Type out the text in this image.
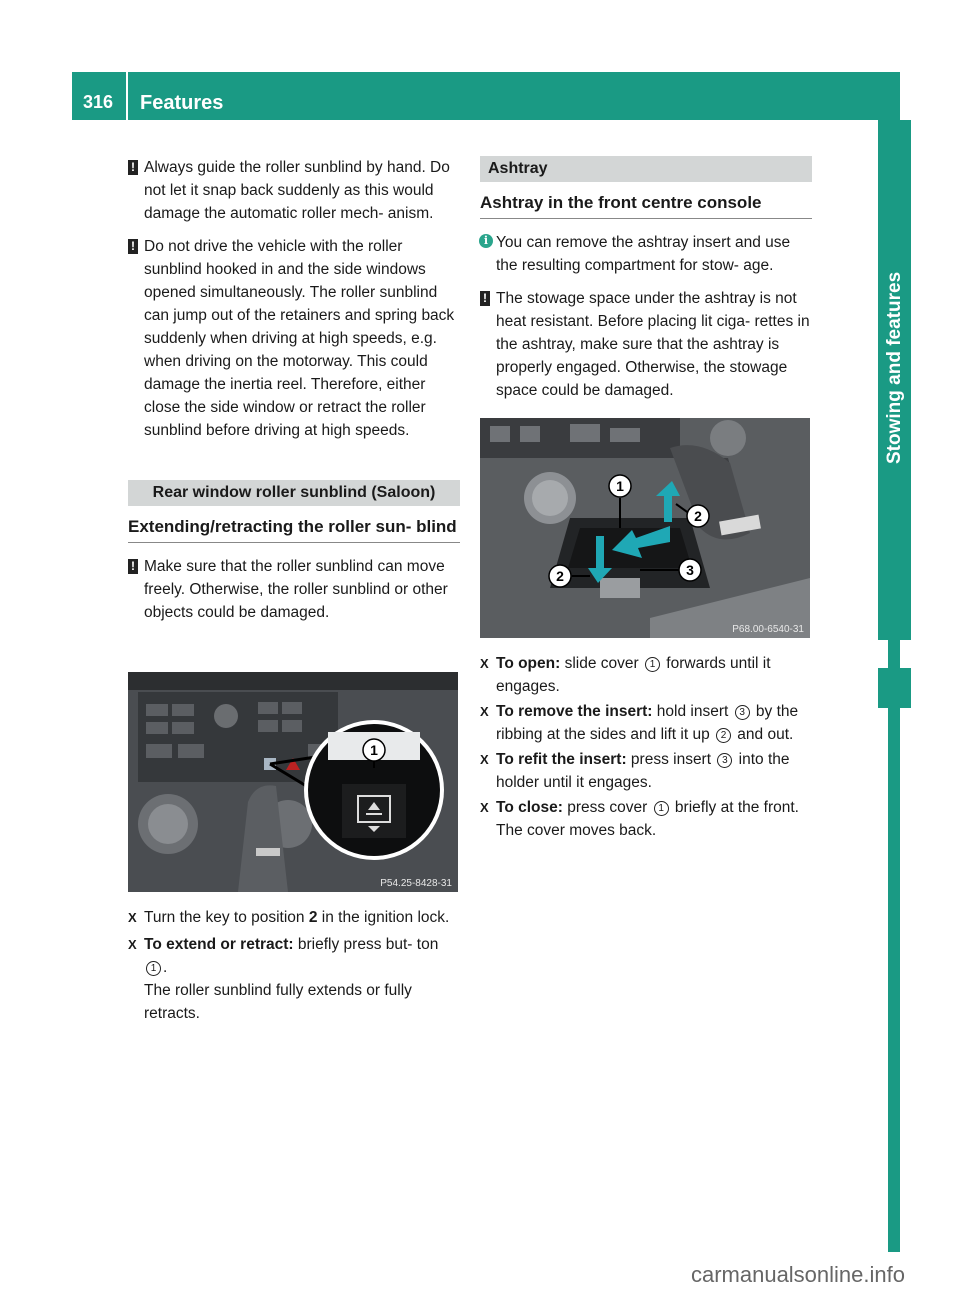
316	Features
Stowing and features

! Always guide the roller sunblind by hand. Do not let it snap back suddenly as this would damage the automatic roller mech- anism.

! Do not drive the vehicle with the roller sunblind hooked in and the side windows opened simultaneously. The roller sunblind can jump out of the retainers and spring back suddenly when driving at high speeds, e.g. when driving on the motorway. This could damage the inertia reel. Therefore, either close the side window or retract the roller sunblind before driving at high speeds.

Rear window roller sunblind (Saloon)
Extending/retracting the roller sun- blind

! Make sure that the roller sunblind can move freely. Otherwise, the roller sunblind or other objects could be damaged.

1
P54.25-8428-31

X Turn the key to position 2 in the ignition lock.

X To extend or retract: briefly press but- ton 1 .
The roller sunblind fully extends or fully retracts.

Ashtray
Ashtray in the front centre console

i You can remove the ashtray insert and use the resulting compartment for stow- age.

! The stowage space under the ashtray is not heat resistant. Before placing lit ciga- rettes in the ashtray, make sure that the ashtray is properly engaged. Otherwise, the stowage space could be damaged.

1
2
3
2
P68.00-6540-31

X To open: slide cover 1 forwards until it engages.

X To remove the insert: hold insert 3 by the ribbing at the sides and lift it up 2 and out.

X To refit the insert: press insert 3 into the holder until it engages.

X To close: press cover 1 briefly at the front.
The cover moves back.

carmanualsonline.info
